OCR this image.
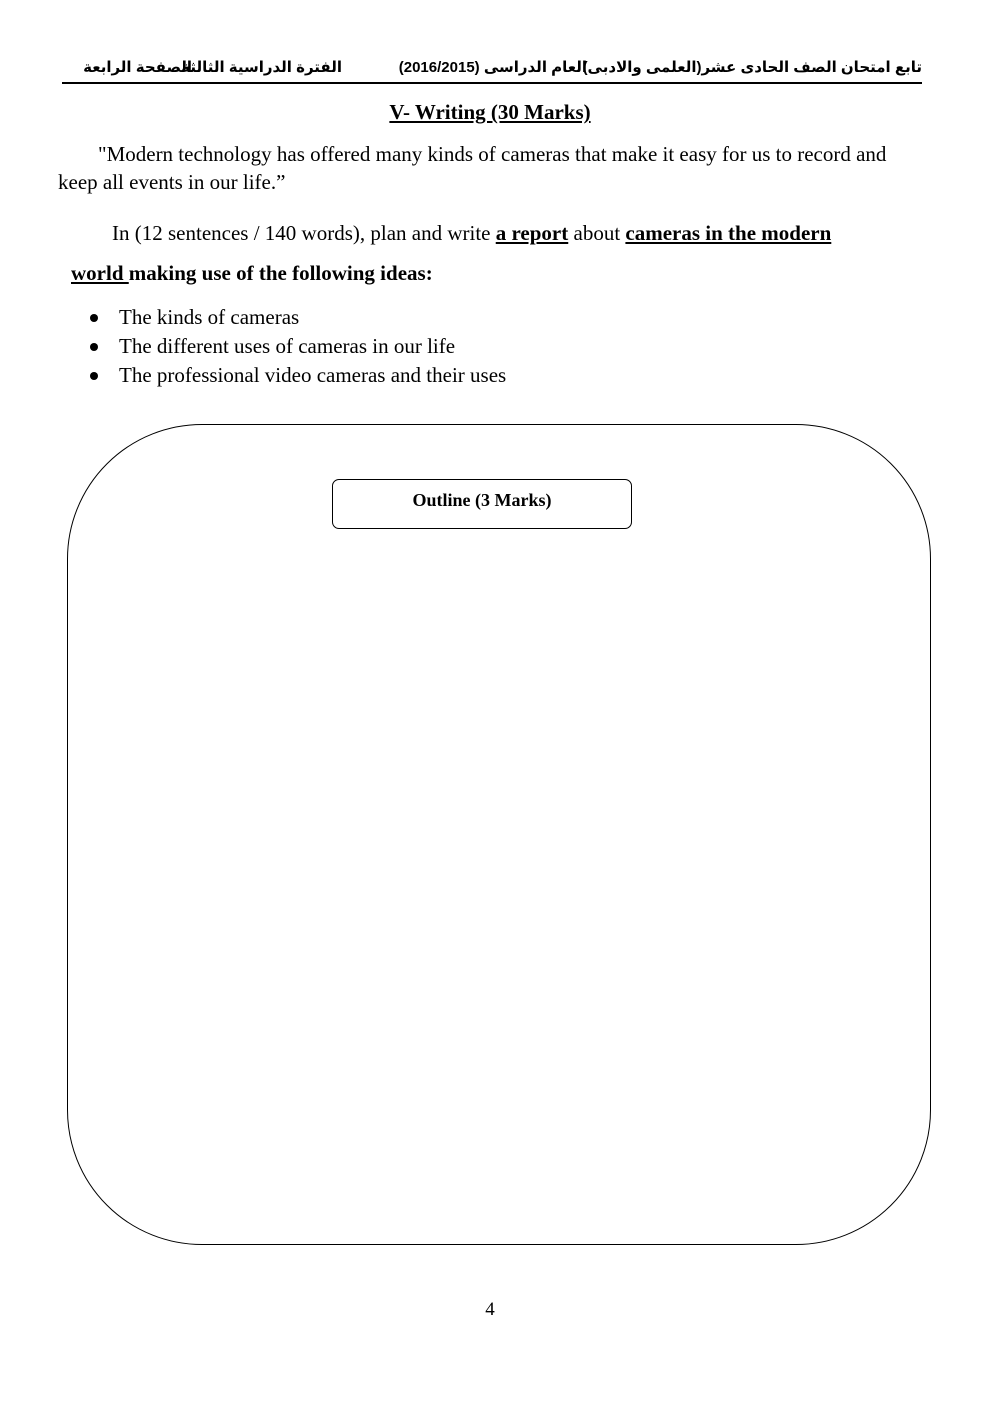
تابع امتحان الصف الحادى عشر(العلمى والادبى)
العام الدراسى (2016/2015)
الفترة الدراسية الثالثة
الصفحة الرابعة
V- Writing (30 Marks)

"Modern technology has offered many kinds of cameras that make it easy for us to record and keep all events in our life.”

In (12 sentences / 140 words), plan and write a report about cameras in the modern
world making use of the following ideas:
The kinds of cameras
The different uses of cameras in our life
The professional video cameras and their uses
Outline (3 Marks)
4
